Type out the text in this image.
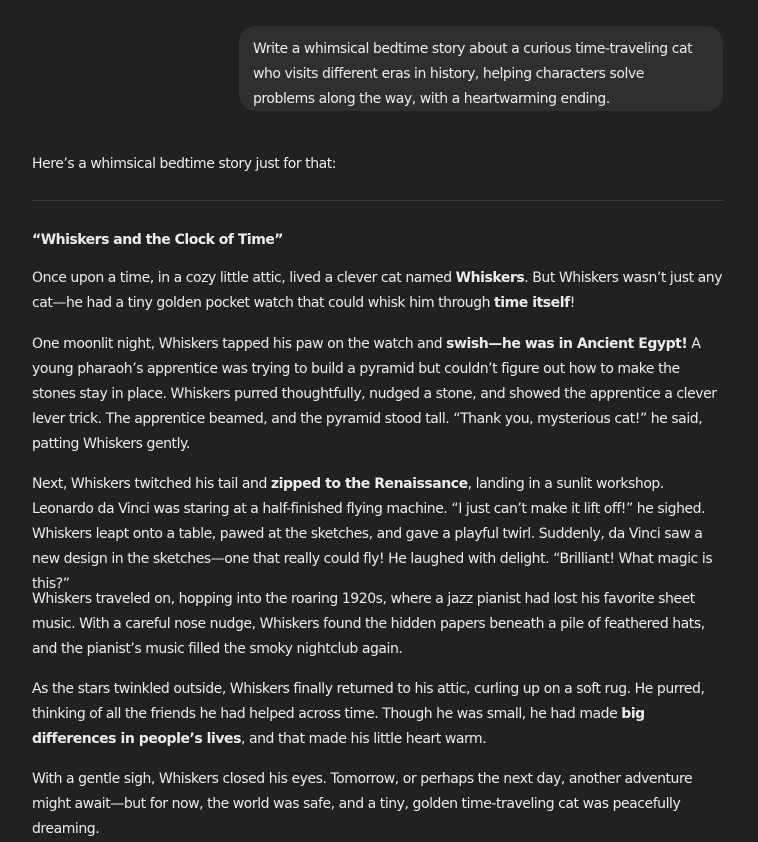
Write a whimsical bedtime story about a curious time-traveling cat who visits different eras in history, helping characters solve problems along the way, with a heartwarming ending.
Here’s a whimsical bedtime story just for that:
“Whiskers and the Clock of Time”

Once upon a time, in a cozy little attic, lived a clever cat named Whiskers. But Whiskers wasn’t just any cat—he had a tiny golden pocket watch that could whisk him through time itself!

One moonlit night, Whiskers tapped his paw on the watch and swish—he was in Ancient Egypt! A young pharaoh’s apprentice was trying to build a pyramid but couldn’t figure out how to make the stones stay in place. Whiskers purred thoughtfully, nudged a stone, and showed the apprentice a clever lever trick. The apprentice beamed, and the pyramid stood tall. “Thank you, mysterious cat!” he said, patting Whiskers gently.

Next, Whiskers twitched his tail and zipped to the Renaissance, landing in a sunlit workshop. Leonardo da Vinci was staring at a half-finished flying machine. “I just can’t make it lift off!” he sighed. Whiskers leapt onto a table, pawed at the sketches, and gave a playful twirl. Suddenly, da Vinci saw a new design in the sketches—one that really could fly! He laughed with delight. “Brilliant! What magic is this?”

Whiskers traveled on, hopping into the roaring 1920s, where a jazz pianist had lost his favorite sheet music. With a careful nose nudge, Whiskers found the hidden papers beneath a pile of feathered hats, and the pianist’s music filled the smoky nightclub again.

As the stars twinkled outside, Whiskers finally returned to his attic, curling up on a soft rug. He purred, thinking of all the friends he had helped across time. Though he was small, he had made big differences in people’s lives, and that made his little heart warm.

With a gentle sigh, Whiskers closed his eyes. Tomorrow, or perhaps the next day, another adventure might await—but for now, the world was safe, and a tiny, golden time-traveling cat was peacefully dreaming.
